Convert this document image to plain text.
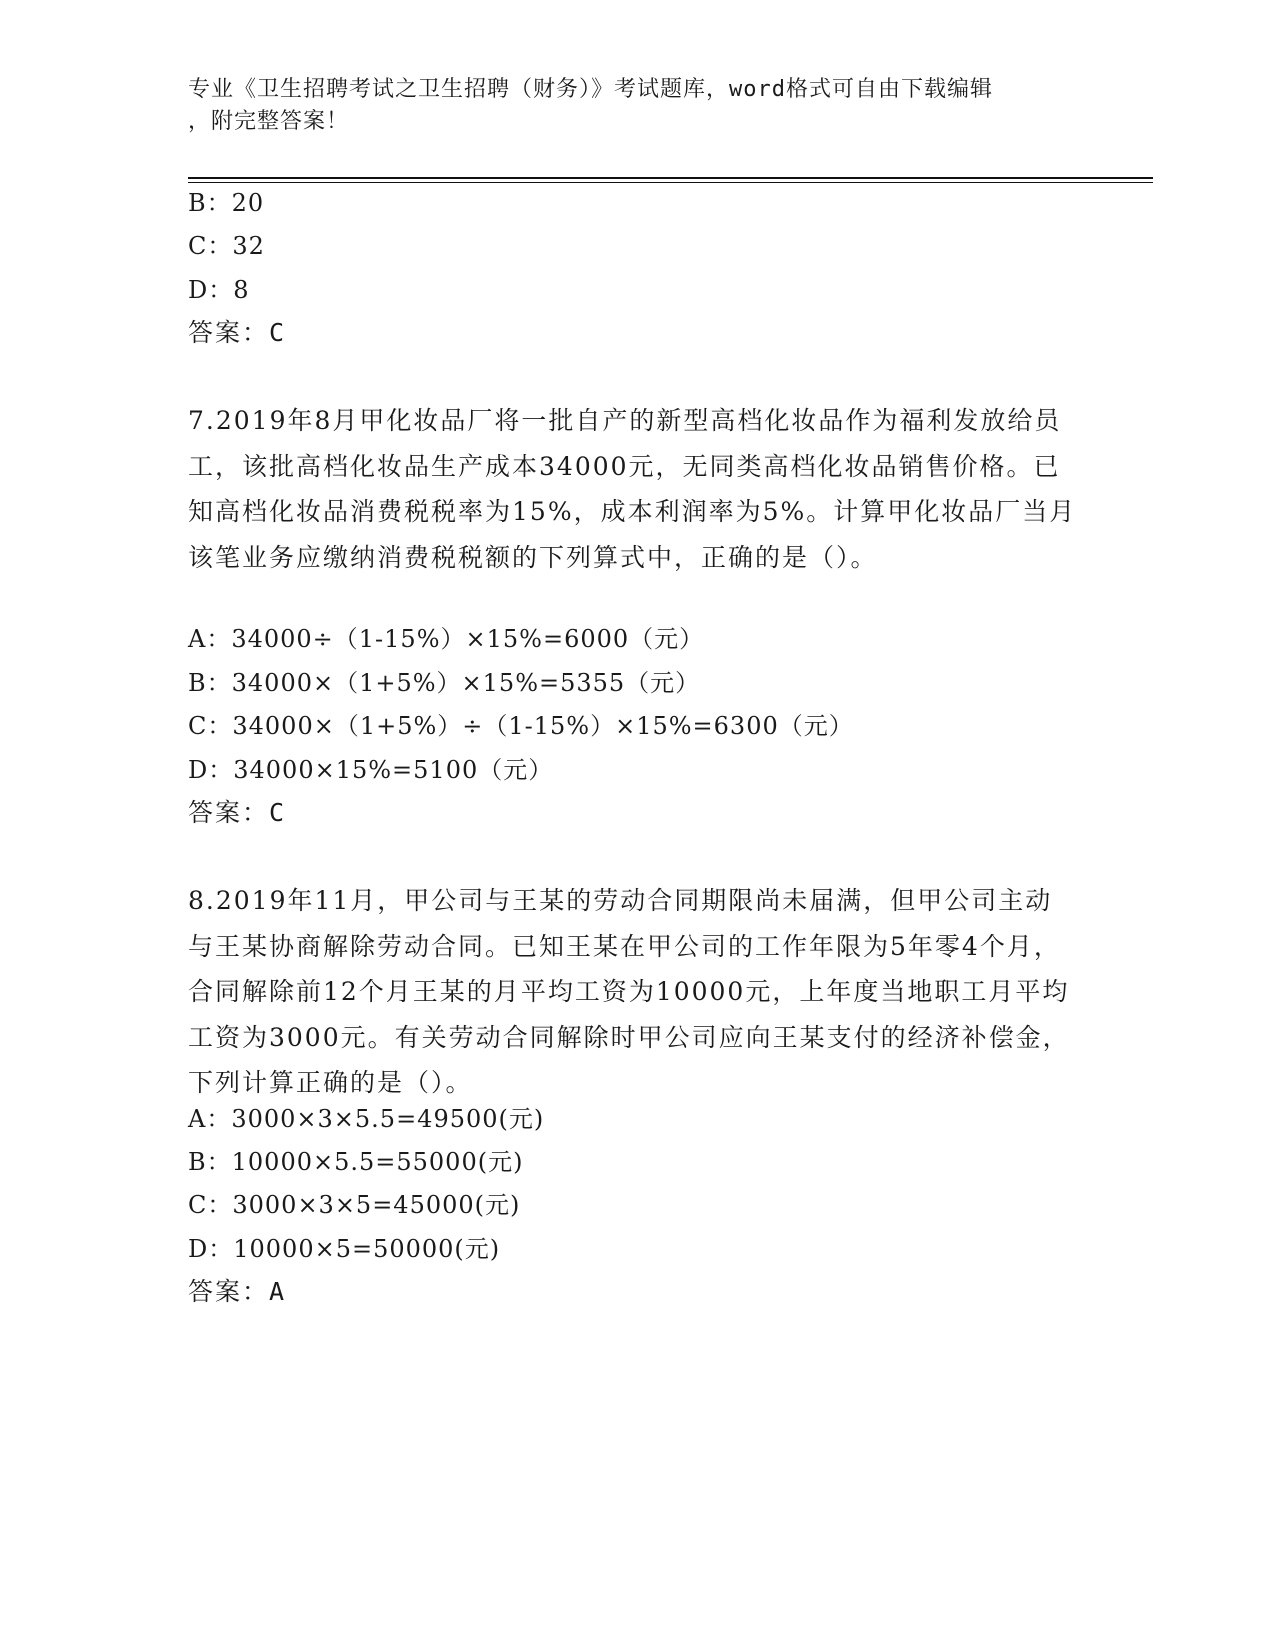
专业《卫生招聘考试之卫生招聘（财务）》考试题库，word格式可自由下载编辑
，附完整答案！
B：20
C：32
D：8
答案：C
7.2019年8月甲化妆品厂将一批自产的新型高档化妆品作为福利发放给员工，该批高档化妆品生产成本34000元，无同类高档化妆品销售价格。已知高档化妆品消费税税率为15%，成本利润率为5%。计算甲化妆品厂当月该笔业务应缴纳消费税税额的下列算式中，正确的是（）。
A：34000÷（1-15%）×15%=6000（元）
B：34000×（1+5%）×15%=5355（元）
C：34000×（1+5%）÷（1-15%）×15%=6300（元）
D：34000×15%=5100（元）
答案：C
8.2019年11月，甲公司与王某的劳动合同期限尚未届满，但甲公司主动与王某协商解除劳动合同。已知王某在甲公司的工作年限为5年零4个月，合同解除前12个月王某的月平均工资为10000元，上年度当地职工月平均工资为3000元。有关劳动合同解除时甲公司应向王某支付的经济补偿金，下列计算正确的是（）。
A：3000×3×5.5=49500(元)
B：10000×5.5=55000(元)
C：3000×3×5=45000(元)
D：10000×5=50000(元)
答案：A
